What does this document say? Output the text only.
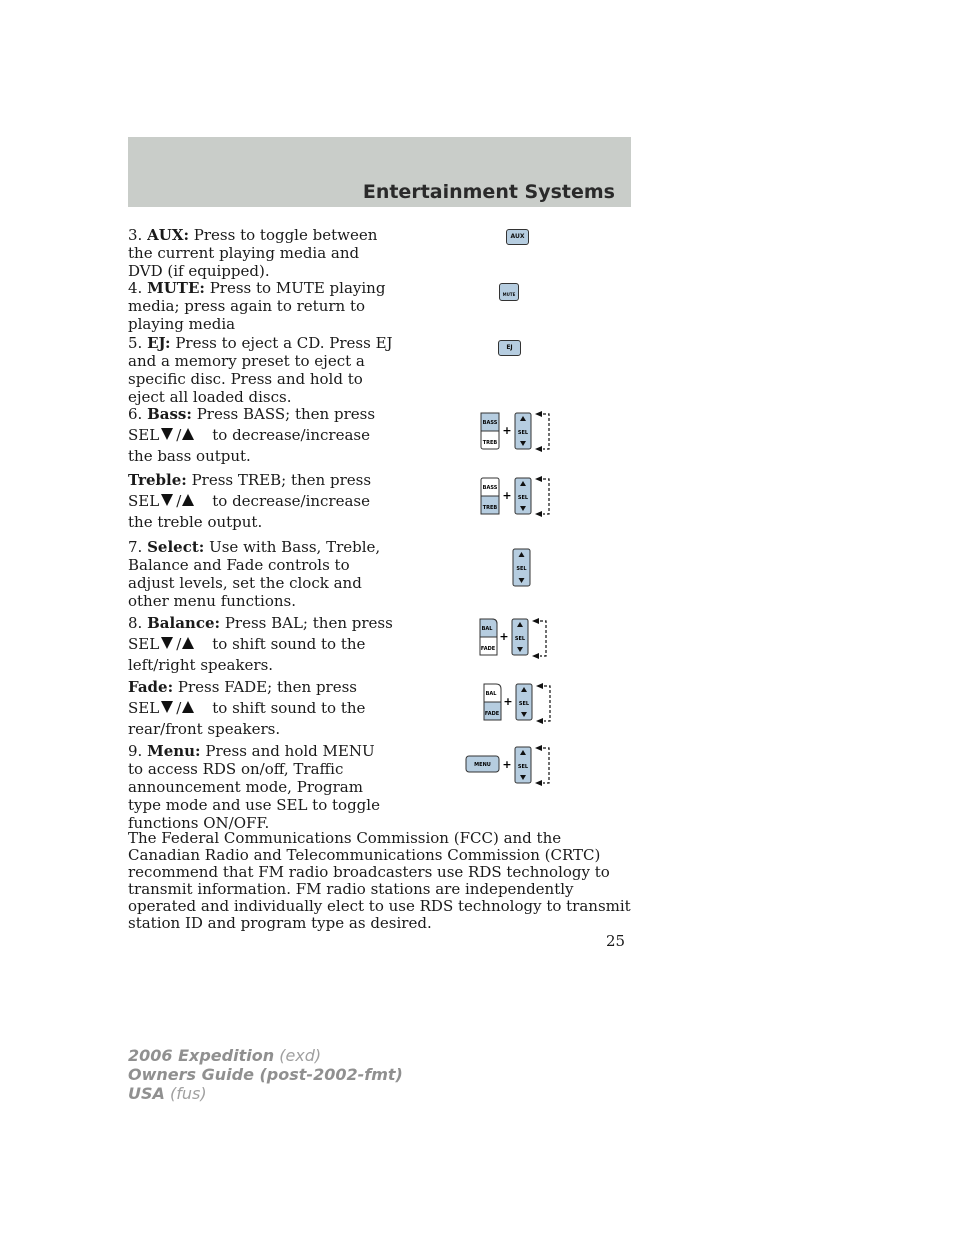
Entertainment Systems
3. AUX: Press to toggle between the current playing media and DVD (if equipped).
AUX
4. MUTE: Press to MUTE playing media; press again to return to playing media
MUTE
5. EJ: Press to eject a CD. Press EJ and a memory preset to eject a specific disc. Press and hold to eject all loaded discs.
EJ
6. Bass: Press BASS; then press
SEL / to decrease/increase
the bass output.
BASS
TREB
+ SEL
Treble: Press TREB; then press
SEL / to decrease/increase
the treble output.
BASS
TREB
+ SEL
7. Select: Use with Bass, Treble, Balance and Fade controls to adjust levels, set the clock and other menu functions.
SEL
8. Balance: Press BAL; then press
SEL / to shift sound to the
left/right speakers.
BAL
FADE
+ SEL
Fade: Press FADE; then press
SEL / to shift sound to the
rear/front speakers.
BAL
FADE
+ SEL
9. Menu: Press and hold MENU to access RDS on/off, Traffic announcement mode, Program type mode and use SEL to toggle functions ON/OFF.
MENU + SEL
The Federal Communications Commission (FCC) and the Canadian Radio and Telecommunications Commission (CRTC) recommend that FM radio broadcasters use RDS technology to transmit information. FM radio stations are independently operated and individually elect to use RDS technology to transmit station ID and program type as desired.
25
2006 Expedition (exd)
Owners Guide (post-2002-fmt)
USA (fus)
